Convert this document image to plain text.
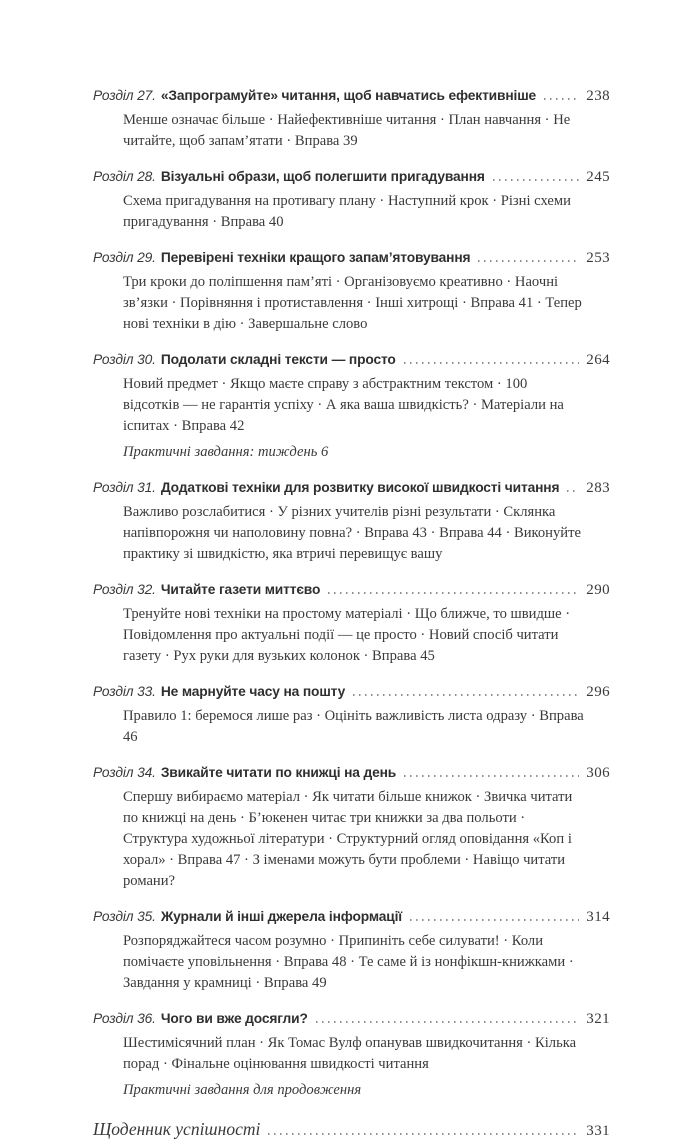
Розділ 27. «Запрограмуйте» читання, щоб навчатись ефективніше	238

Менше означає більше · Найефективніше читання · План навчання · Не читайте, щоб запам’ятати · Вправа 39

Розділ 28. Візуальні образи, щоб полегшити пригадування	245

Схема пригадування на противагу плану · Наступний крок · Різні схеми пригадування · Вправа 40

Розділ 29. Перевірені техніки кращого запам’ятовування	253

Три кроки до поліпшення пам’яті · Організовуємо креативно · Наочні зв’язки · Порівняння і протиставлення · Інші хитрощі · Вправа 41 · Тепер нові техніки в дію · Завершальне слово

Розділ 30. Подолати складні тексти — просто	264

Новий предмет · Якщо маєте справу з абстрактним текстом · 100 відсотків — не гарантія успіху · А яка ваша швидкість? · Матеріали на іспитах · Вправа 42

Практичні завдання: тиждень 6

Розділ 31. Додаткові техніки для розвитку високої швидкості читання 283

Важливо розслабитися · У різних учителів різні результати · Склянка напівпорожня чи наполовину повна? · Вправа 43 · Вправа 44 · Виконуйте практику зі швидкістю, яка втричі перевищує вашу

Розділ 32. Читайте газети миттєво	290

Тренуйте нові техніки на простому матеріалі · Що ближче, то швидше · Повідомлення про актуальні події — це просто · Новий спосіб читати газету · Рух руки для вузьких колонок · Вправа 45

Розділ 33. Не марнуйте часу на пошту	296

Правило 1: беремося лише раз · Оцініть важливість листа одразу · Вправа 46

Розділ 34. Звикайте читати по книжці на день	306

Спершу вибираємо матеріал · Як читати більше книжок · Звичка читати по книжці на день · Б’юкенен читає три книжки за два польоти · Структура художньої літератури · Структурний огляд оповідання «Коп і хорал» · Вправа 47 · З іменами можуть бути проблеми · Навіщо читати романи?

Розділ 35. Журнали й інші джерела інформації	314

Розпоряджайтеся часом розумно · Припиніть себе силувати! · Коли помічаєте уповільнення · Вправа 48 · Те саме й із нонфікшн-книжками · Завдання у крамниці · Вправа 49

Розділ 36. Чого ви вже досягли?	321

Шестимісячний план · Як Томас Вулф опанував швидкочитання · Кілька порад · Фінальне оцінювання швидкості читання

Практичні завдання для продовження

Щоденник успішності	331
